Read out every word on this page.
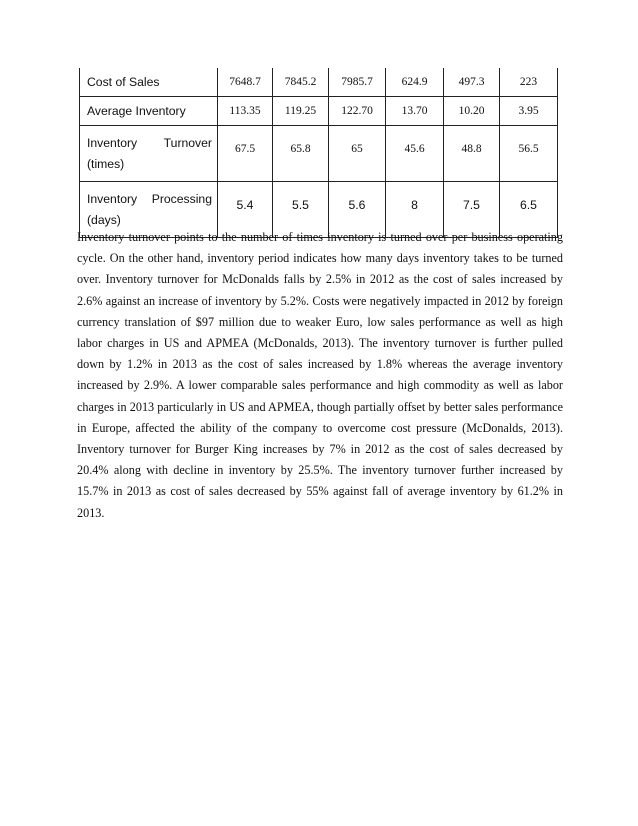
Cost of Sales	7648.7	7845.2	7985.7	624.9	497.3	223
Average Inventory	113.35	119.25	122.70	13.70	10.20	3.95

Inventory Turnover
(times)	67.5	65.8	65	45.6	48.8	56.5

Inventory Processing
(days)	5.4	5.5	5.6	8	7.5	6.5

Inventory turnover points to the number of times inventory is turned over per business operating cycle. On the other hand, inventory period indicates how many days inventory takes to be turned over. Inventory turnover for McDonalds falls by 2.5% in 2012 as the cost of sales increased by 2.6% against an increase of inventory by 5.2%. Costs were negatively impacted in 2012 by foreign currency translation of $97 million due to weaker Euro, low sales performance as well as high labor charges in US and APMEA (McDonalds, 2013). The inventory turnover is further pulled down by 1.2% in 2013 as the cost of sales increased by 1.8% whereas the average inventory increased by 2.9%. A lower comparable sales performance and high commodity as well as labor charges in 2013 particularly in US and APMEA, though partially offset by better sales performance in Europe, affected the ability of the company to overcome cost pressure (McDonalds, 2013). Inventory turnover for Burger King increases by 7% in 2012 as the cost of sales decreased by 20.4% along with decline in inventory by 25.5%. The inventory turnover further increased by 15.7% in 2013 as cost of sales decreased by 55% against fall of average inventory by 61.2% in 2013.
